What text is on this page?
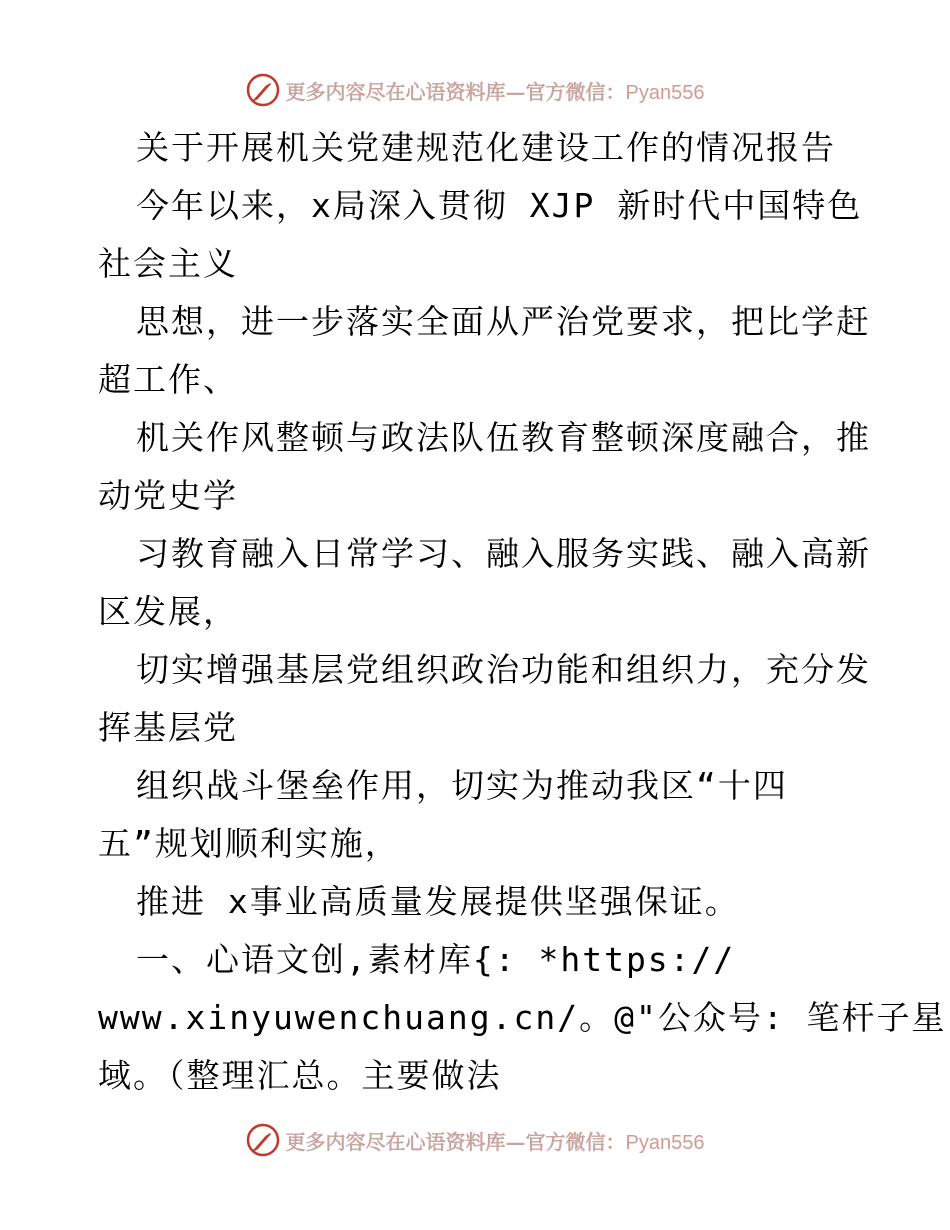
更多内容尽在心语资料库—官方微信：Pyan556
关于开展机关党建规范化建设工作的情况报告
今年以来，x局深入贯彻 XJP 新时代中国特色
社会主义
思想，进一步落实全面从严治党要求，把比学赶
超工作、
机关作风整顿与政法队伍教育整顿深度融合，推
动党史学
习教育融入日常学习、融入服务实践、融入高新
区发展，
切实增强基层党组织政治功能和组织力，充分发
挥基层党
组织战斗堡垒作用，切实为推动我区“十四
五”规划顺利实施，
推进 x事业高质量发展提供坚强保证。
一、心语文创,素材库{: *https://
www.xinyuwenchuang.cn/。@"公众号: 笔杆子星
域。（整理汇总。主要做法
更多内容尽在心语资料库—官方微信：Pyan556
